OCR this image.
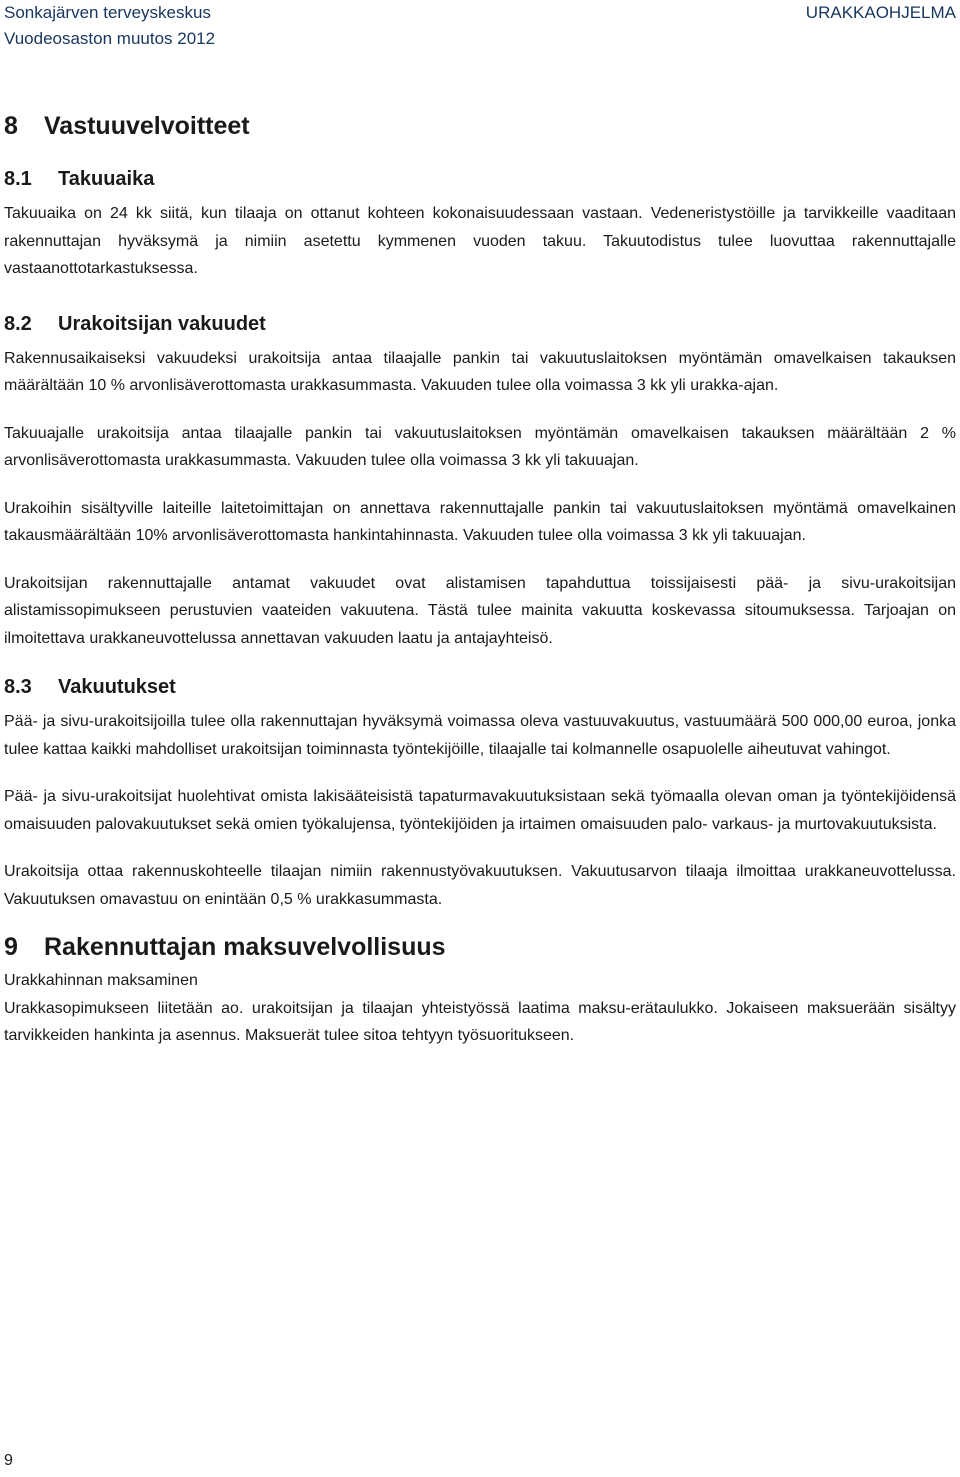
Sonkajärven terveyskeskus
Vuodeosaston muutos 2012
URAKKAOHJELMA
8 Vastuuvelvoitteet
8.1 Takuuaika

Takuuaika on 24 kk siitä, kun tilaaja on ottanut kohteen kokonaisuudessaan vastaan. Vedeneristystöille ja tarvikkeille vaaditaan rakennuttajan hyväksymä ja nimiin asetettu kymmenen vuoden takuu. Takuutodistus tulee luovuttaa rakennuttajalle vastaanottotarkastuksessa.

8.2 Urakoitsijan vakuudet

Rakennusaikaiseksi vakuudeksi urakoitsija antaa tilaajalle pankin tai vakuutuslaitoksen myöntämän omavelkaisen takauksen määrältään 10 % arvonlisäverottomasta urakkasummasta. Vakuuden tulee olla voimassa 3 kk yli urakka-ajan.

Takuuajalle urakoitsija antaa tilaajalle pankin tai vakuutuslaitoksen myöntämän omavelkaisen takauksen määrältään 2 % arvonlisäverottomasta urakkasummasta. Vakuuden tulee olla voimassa 3 kk yli takuuajan.

Urakoihin sisältyville laiteille laitetoimittajan on annettava rakennuttajalle pankin tai vakuutuslaitoksen myöntämä omavelkainen takausmäärältään 10% arvonlisäverottomasta hankintahinnasta. Vakuuden tulee olla voimassa 3 kk yli takuuajan.

Urakoitsijan rakennuttajalle antamat vakuudet ovat alistamisen tapahduttua toissijaisesti pää- ja sivu-urakoitsijan alistamissopimukseen perustuvien vaateiden vakuutena. Tästä tulee mainita vakuutta koskevassa sitoumuksessa. Tarjoajan on ilmoitettava urakkaneuvottelussa annettavan vakuuden laatu ja antajayhteisö.

8.3 Vakuutukset

Pää- ja sivu-urakoitsijoilla tulee olla rakennuttajan hyväksymä voimassa oleva vastuuvakuutus, vastuumäärä 500 000,00 euroa, jonka tulee kattaa kaikki mahdolliset urakoitsijan toiminnasta työntekijöille, tilaajalle tai kolmannelle osapuolelle aiheutuvat vahingot.

Pää- ja sivu-urakoitsijat huolehtivat omista lakisääteisistä tapaturmavakuutuksistaan sekä työmaalla olevan oman ja työntekijöidensä omaisuuden palovakuutukset sekä omien työkalujensa, työntekijöiden ja irtaimen omaisuuden palo- varkaus- ja murtovakuutuksista.

Urakoitsija ottaa rakennuskohteelle tilaajan nimiin rakennustyövakuutuksen. Vakuutusarvon tilaaja ilmoittaa urakkaneuvottelussa. Vakuutuksen omavastuu on enintään 0,5 % urakkasummasta.

9 Rakennuttajan maksuvelvollisuus

Urakkahinnan maksaminen

Urakkasopimukseen liitetään ao. urakoitsijan ja tilaajan yhteistyössä laatima maksu-erätaulukko. Jokaiseen maksuerään sisältyy tarvikkeiden hankinta ja asennus. Maksuerät tulee sitoa tehtyyn työsuoritukseen.

9
